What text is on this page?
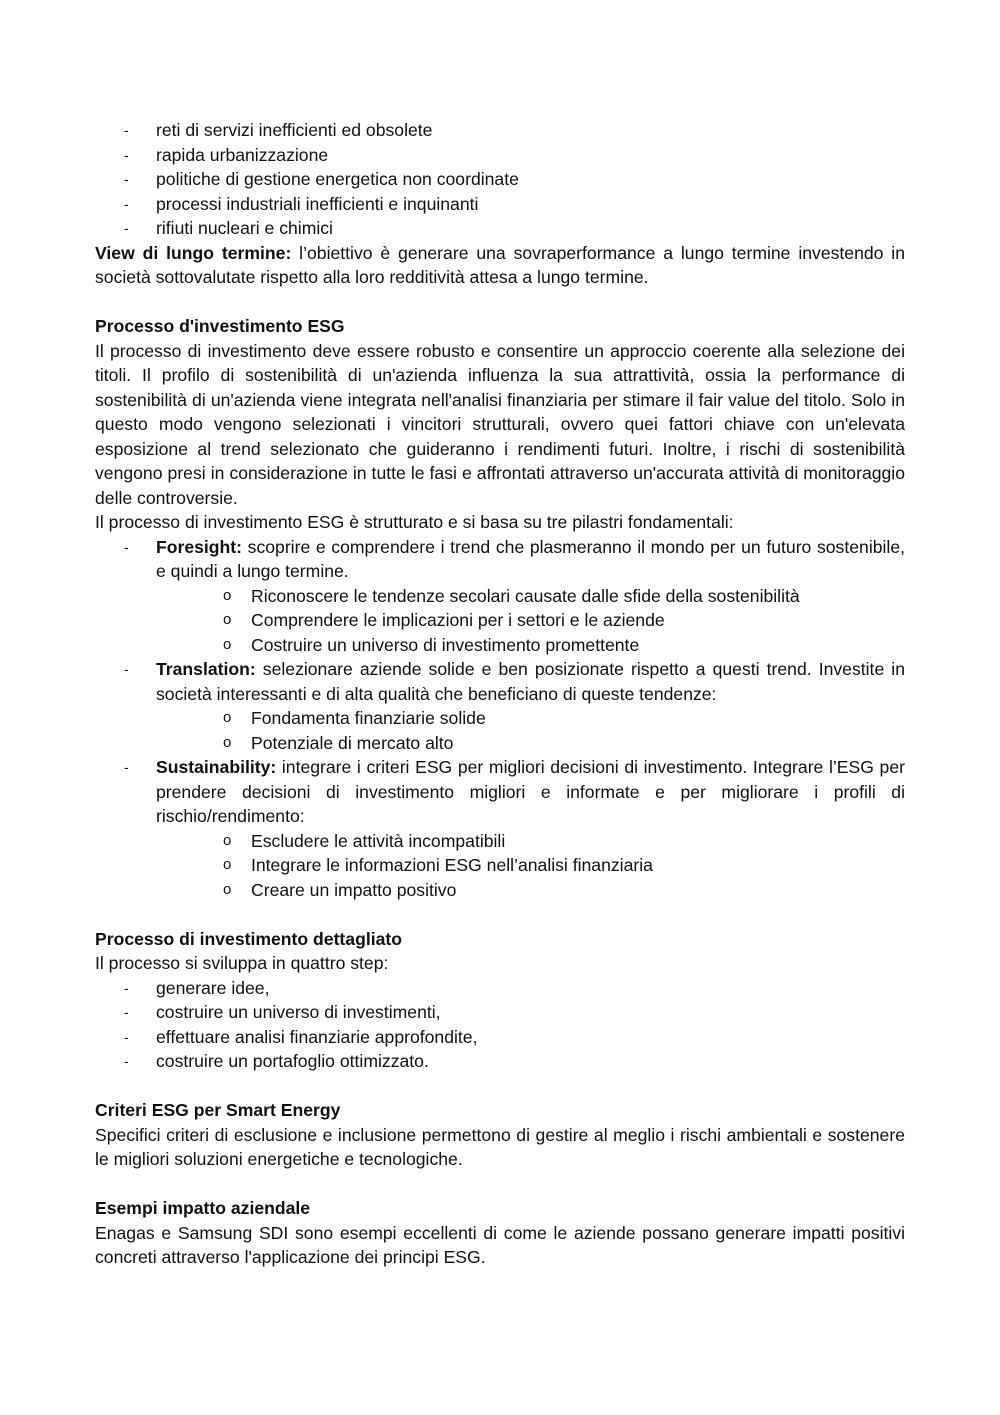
-	reti di servizi inefficienti ed obsolete
-	rapida urbanizzazione
-	politiche di gestione energetica non coordinate
-	processi industriali inefficienti e inquinanti
-	rifiuti nucleari e chimici

View di lungo termine: l’obiettivo è generare una sovraperformance a lungo termine investendo in società sottovalutate rispetto alla loro redditività attesa a lungo termine.

Processo d'investimento ESG

Il processo di investimento deve essere robusto e consentire un approccio coerente alla selezione dei titoli. Il profilo di sostenibilità di un'azienda influenza la sua attrattività, ossia la performance di sostenibilità di un'azienda viene integrata nell'analisi finanziaria per stimare il fair value del titolo. Solo in questo modo vengono selezionati i vincitori strutturali, ovvero quei fattori chiave con un'elevata esposizione al trend selezionato che guideranno i rendimenti futuri. Inoltre, i rischi di sostenibilità vengono presi in considerazione in tutte le fasi e affrontati attraverso un'accurata attività di monitoraggio delle controversie.

Il processo di investimento ESG è strutturato e si basa su tre pilastri fondamentali:

-	Foresight: scoprire e comprendere i trend che plasmeranno il mondo per un futuro sostenibile, e quindi a lungo termine.
o Riconoscere le tendenze secolari causate dalle sfide della sostenibilità
o Comprendere le implicazioni per i settori e le aziende
o Costruire un universo di investimento promettente
-	Translation: selezionare aziende solide e ben posizionate rispetto a questi trend. Investite in società interessanti e di alta qualità che beneficiano di queste tendenze:
o Fondamenta finanziarie solide
o Potenziale di mercato alto
-	Sustainability: integrare i criteri ESG per migliori decisioni di investimento. Integrare l’ESG per prendere decisioni di investimento migliori e informate e per migliorare i profili di rischio/rendimento:
o Escludere le attività incompatibili
o Integrare le informazioni ESG nell’analisi finanziaria
o Creare un impatto positivo
Processo di investimento dettagliato

Il processo si sviluppa in quattro step:

-	generare idee,
-	costruire un universo di investimenti,
-	effettuare analisi finanziarie approfondite,
-	costruire un portafoglio ottimizzato.
Criteri ESG per Smart Energy

Specifici criteri di esclusione e inclusione permettono di gestire al meglio i rischi ambientali e sostenere le migliori soluzioni energetiche e tecnologiche.

Esempi impatto aziendale

Enagas e Samsung SDI sono esempi eccellenti di come le aziende possano generare impatti positivi concreti attraverso l'applicazione dei principi ESG.
